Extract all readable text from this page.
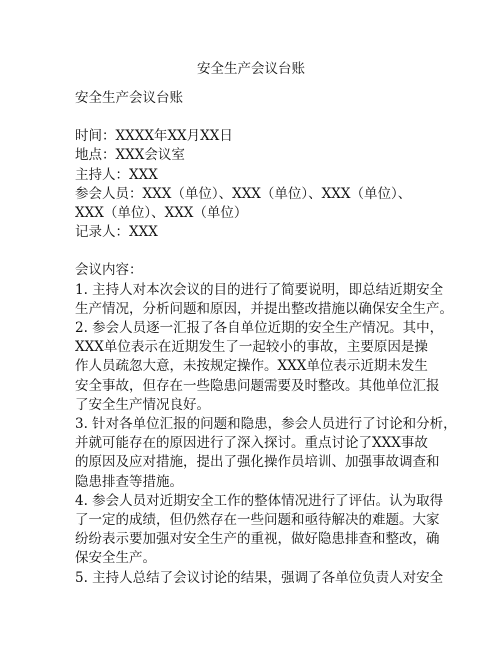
安全生产会议台账
安全生产会议台账
时间：XXXX年XX月XX日
地点：XXX会议室
主持人：XXX
参会人员：XXX（单位）、XXX（单位）、XXX（单位）、
XXX（单位）、XXX（单位）
记录人：XXX
会议内容：
1. 主持人对本次会议的目的进行了简要说明，即总结近期安全
生产情况，分析问题和原因，并提出整改措施以确保安全生产。
2. 参会人员逐一汇报了各自单位近期的安全生产情况。其中，
XXX单位表示在近期发生了一起较小的事故，主要原因是操
作人员疏忽大意，未按规定操作。XXX单位表示近期未发生
安全事故，但存在一些隐患问题需要及时整改。其他单位汇报
了安全生产情况良好。
3. 针对各单位汇报的问题和隐患，参会人员进行了讨论和分析，
并就可能存在的原因进行了深入探讨。重点讨论了XXX事故
的原因及应对措施，提出了强化操作员培训、加强事故调查和
隐患排查等措施。
4. 参会人员对近期安全工作的整体情况进行了评估。认为取得
了一定的成绩，但仍然存在一些问题和亟待解决的难题。大家
纷纷表示要加强对安全生产的重视，做好隐患排查和整改，确
保安全生产。
5. 主持人总结了会议讨论的结果，强调了各单位负责人对安全
